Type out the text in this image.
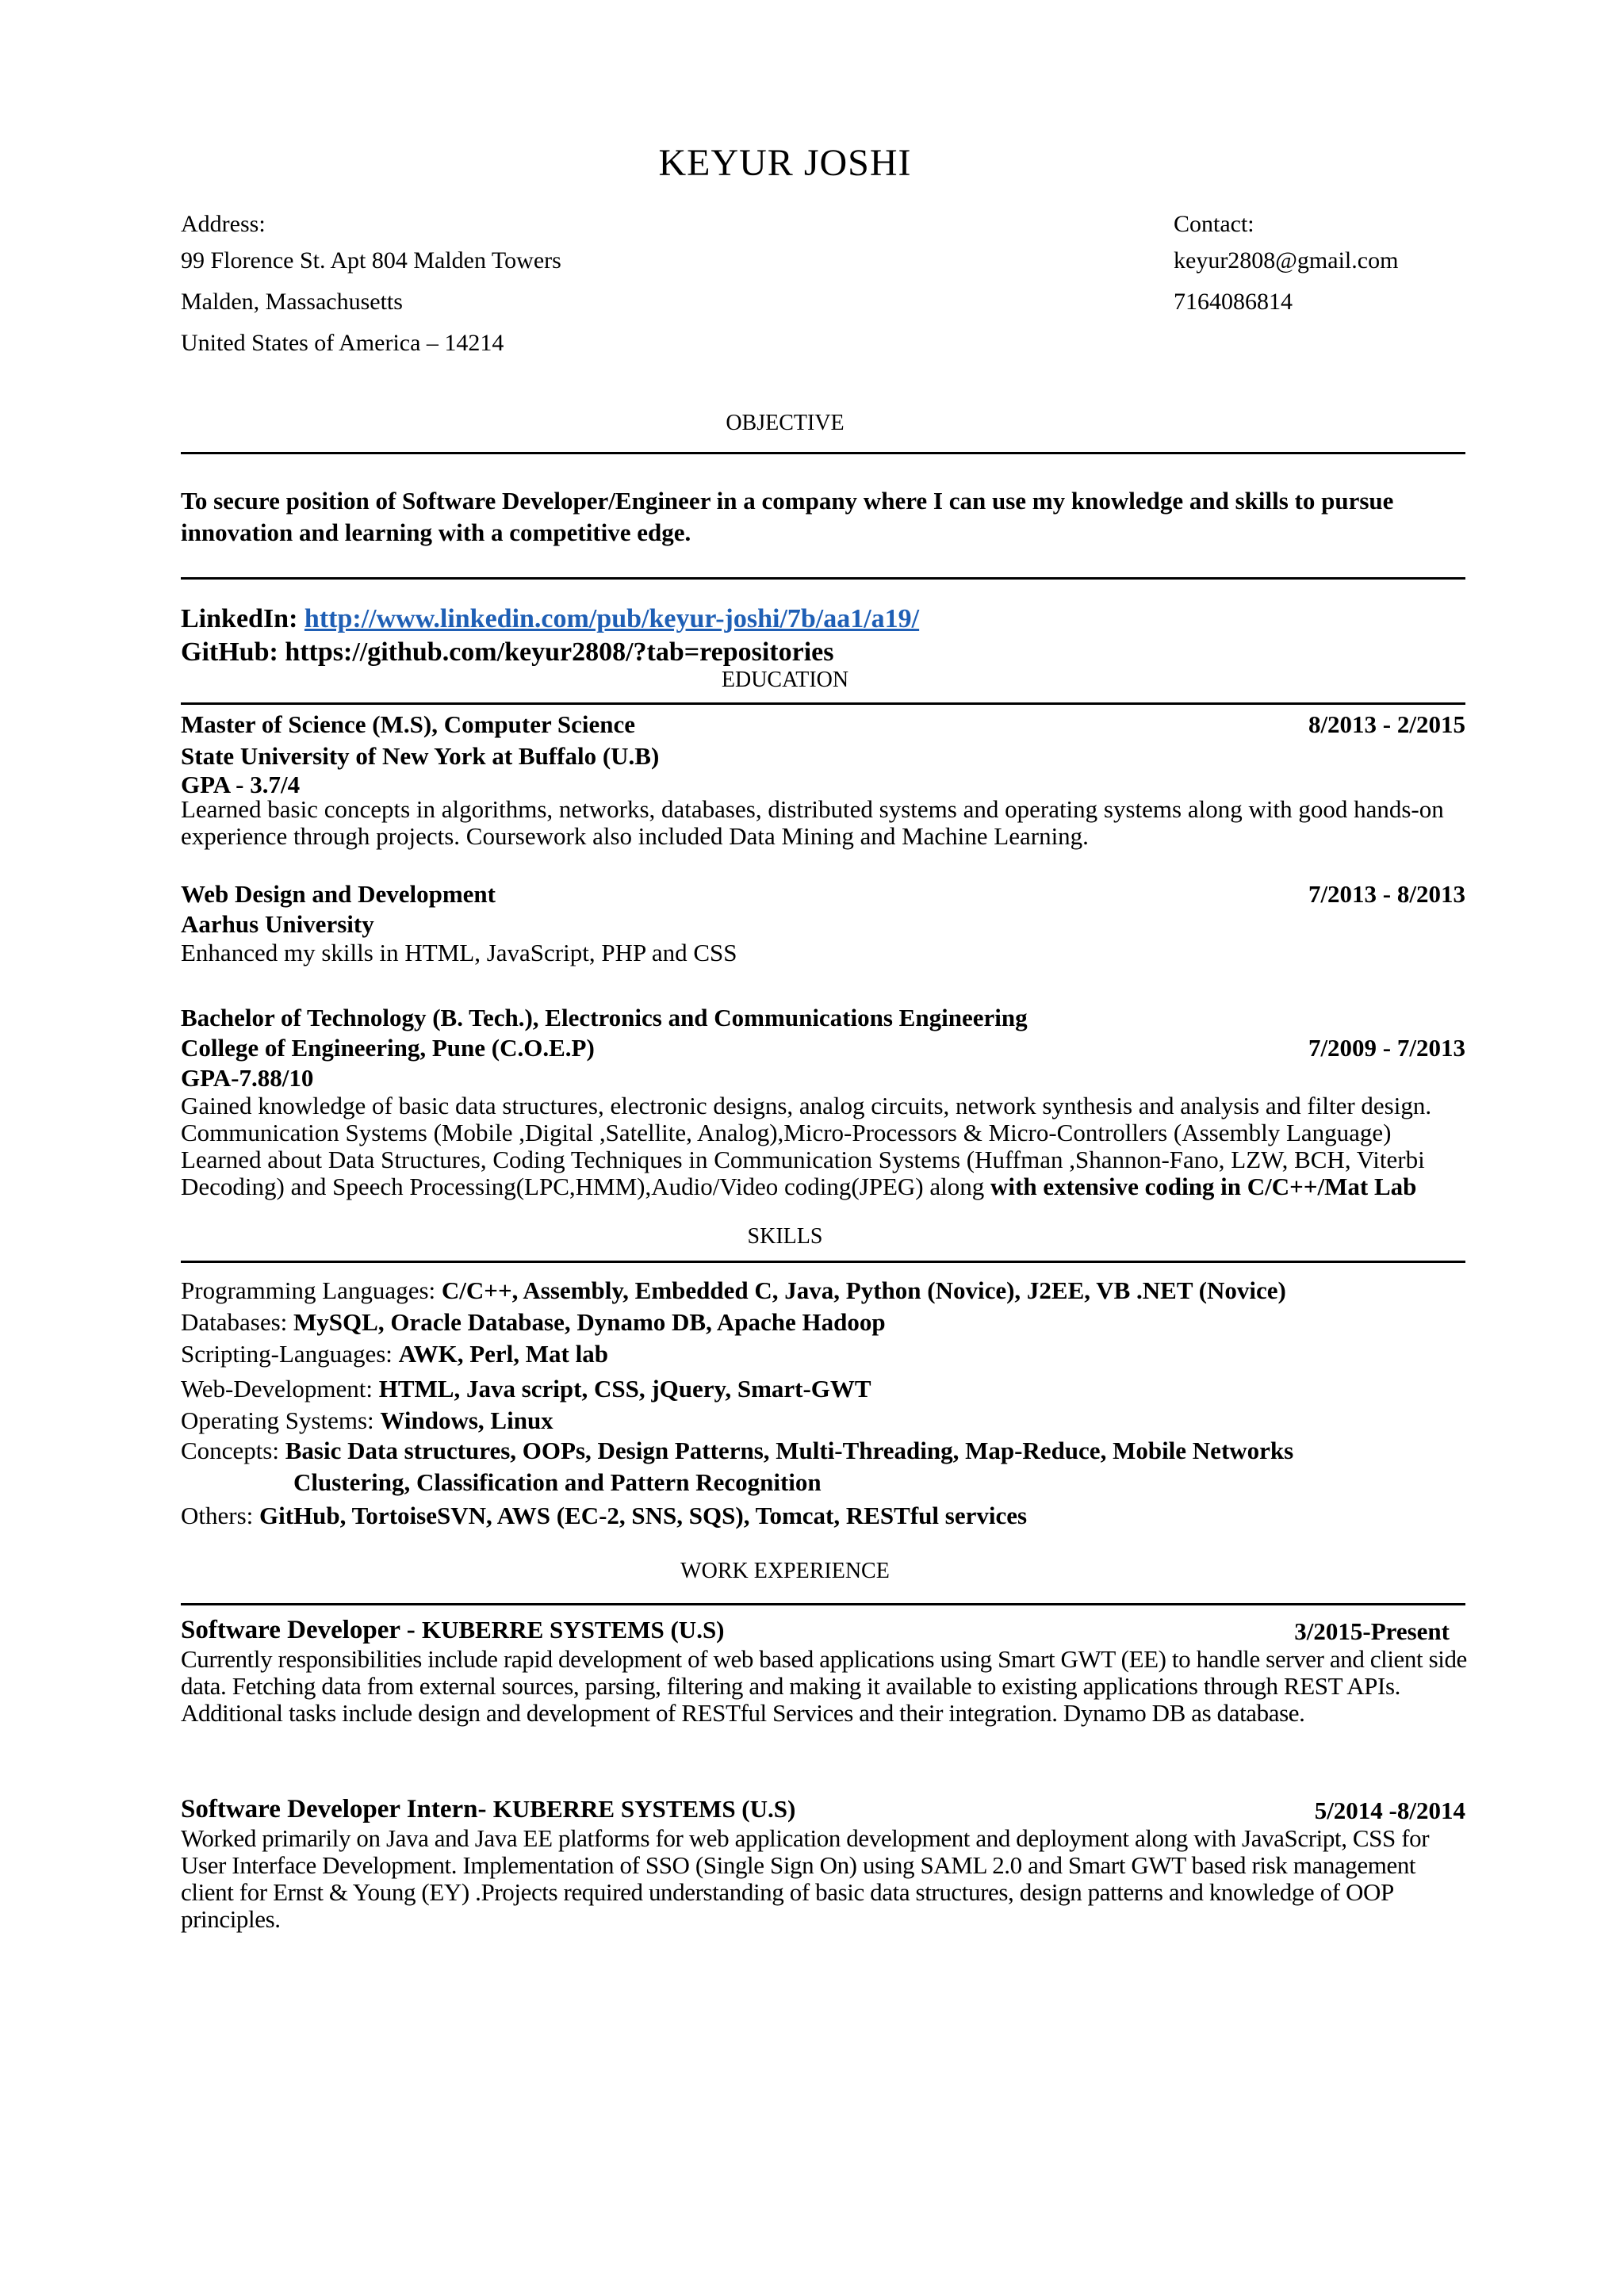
KEYUR JOSHI
Address:
99 Florence St. Apt 804 Malden Towers
Malden, Massachusetts
United States of America – 14214
Contact:
keyur2808@gmail.com
7164086814
OBJECTIVE
To secure position of Software Developer/Engineer in a company where I can use my knowledge and skills to pursue innovation and learning with a competitive edge.
LinkedIn: http://www.linkedin.com/pub/keyur-joshi/7b/aa1/a19/
GitHub: https://github.com/keyur2808/?tab=repositories
EDUCATION
Master of Science (M.S), Computer Science	8/2013 - 2/2015
State University of New York at Buffalo (U.B)
GPA - 3.7/4
Learned basic concepts in algorithms, networks, databases, distributed systems and operating systems along with good hands-on experience through projects. Coursework also included Data Mining and Machine Learning.
Web Design and Development	7/2013 - 8/2013
Aarhus University
Enhanced my skills in HTML, JavaScript, PHP and CSS
Bachelor of Technology (B. Tech.), Electronics and Communications Engineering
College of Engineering, Pune (C.O.E.P)	7/2009 - 7/2013
GPA-7.88/10
Gained knowledge of basic data structures, electronic designs, analog circuits, network synthesis and analysis and filter design. Communication Systems (Mobile ,Digital ,Satellite, Analog),Micro-Processors & Micro-Controllers (Assembly Language) Learned about Data Structures, Coding Techniques in Communication Systems (Huffman ,Shannon-Fano, LZW, BCH, Viterbi Decoding) and Speech Processing(LPC,HMM),Audio/Video coding(JPEG) along with extensive coding in C/C++/Mat Lab
SKILLS
Programming Languages: C/C++, Assembly, Embedded C, Java, Python (Novice), J2EE, VB .NET (Novice)
Databases: MySQL, Oracle Database, Dynamo DB, Apache Hadoop
Scripting-Languages: AWK, Perl, Mat lab
Web-Development: HTML, Java script, CSS, jQuery, Smart-GWT
Operating Systems: Windows, Linux
Concepts: Basic Data structures, OOPs, Design Patterns, Multi-Threading, Map-Reduce, Mobile Networks
Clustering, Classification and Pattern Recognition
Others: GitHub, TortoiseSVN, AWS (EC-2, SNS, SQS), Tomcat, RESTful services
WORK EXPERIENCE
Software Developer - KUBERRE SYSTEMS (U.S)	3/2015-Present
Currently responsibilities include rapid development of web based applications using Smart GWT (EE) to handle server and client side data. Fetching data from external sources, parsing, filtering and making it available to existing applications through REST APIs. Additional tasks include design and development of RESTful Services and their integration. Dynamo DB as database.
Software Developer Intern- KUBERRE SYSTEMS (U.S)	5/2014 -8/2014
Worked primarily on Java and Java EE platforms for web application development and deployment along with JavaScript, CSS for User Interface Development. Implementation of SSO (Single Sign On) using SAML 2.0 and Smart GWT based risk management client for Ernst & Young (EY) .Projects required understanding of basic data structures, design patterns and knowledge of OOP principles.
